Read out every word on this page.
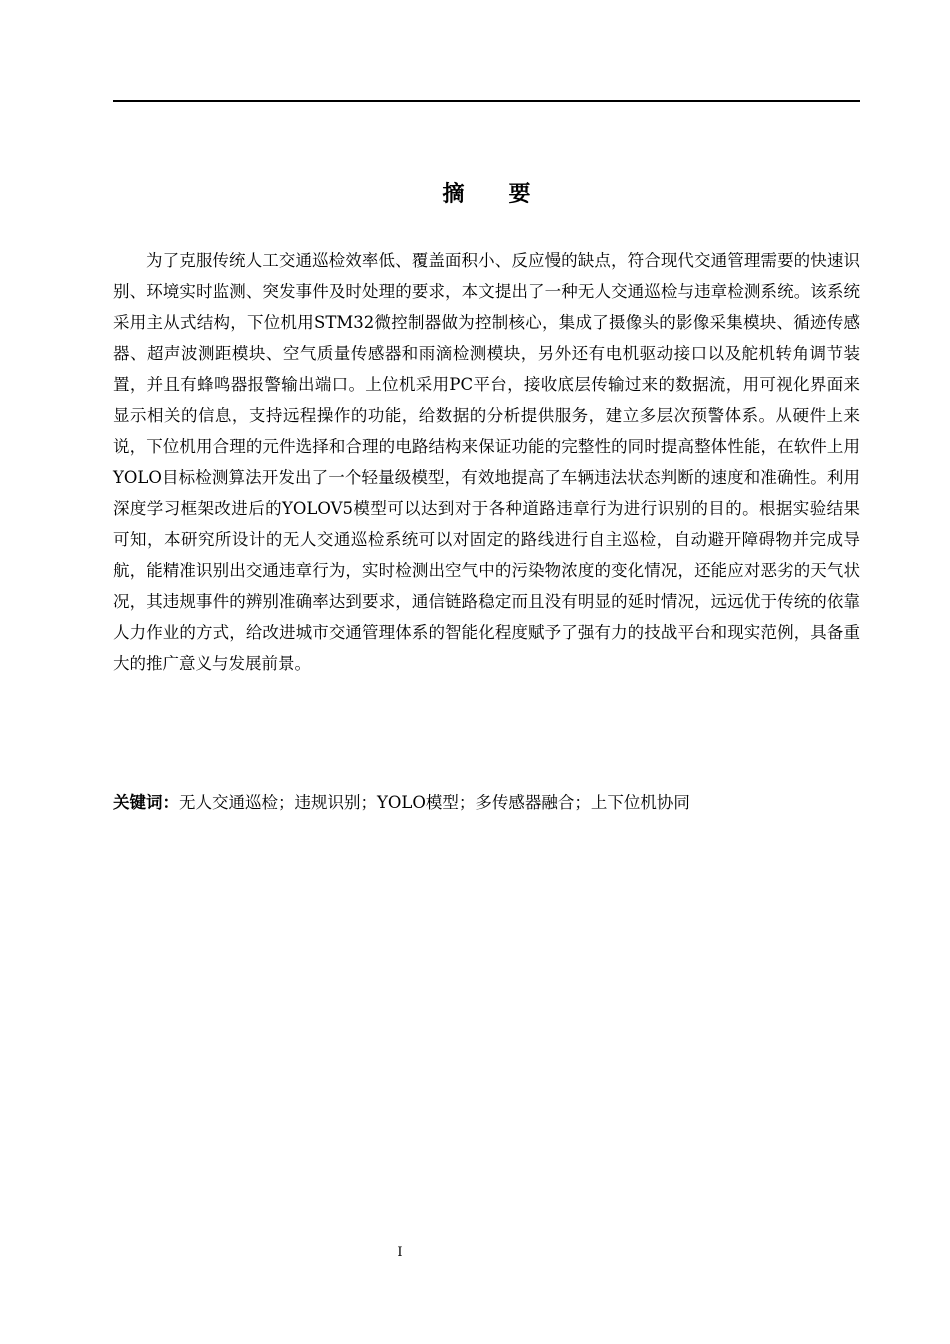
摘　　要

为了克服传统人工交通巡检效率低、覆盖面积小、反应慢的缺点，符合现代交通管理需要的快速识别、环境实时监测、突发事件及时处理的要求，本文提出了一种无人交通巡检与违章检测系统。该系统采用主从式结构，下位机用STM32微控制器做为控制核心，集成了摄像头的影像采集模块、循迹传感器、超声波测距模块、空气质量传感器和雨滴检测模块，另外还有电机驱动接口以及舵机转角调节装置，并且有蜂鸣器报警输出端口。上位机采用PC平台，接收底层传输过来的数据流，用可视化界面来显示相关的信息，支持远程操作的功能，给数据的分析提供服务，建立多层次预警体系。从硬件上来说，下位机用合理的元件选择和合理的电路结构来保证功能的完整性的同时提高整体性能，在软件上用YOLO目标检测算法开发出了一个轻量级模型，有效地提高了车辆违法状态判断的速度和准确性。利用深度学习框架改进后的YOLOV5模型可以达到对于各种道路违章行为进行识别的目的。根据实验结果可知，本研究所设计的无人交通巡检系统可以对固定的路线进行自主巡检，自动避开障碍物并完成导航，能精准识别出交通违章行为，实时检测出空气中的污染物浓度的变化情况，还能应对恶劣的天气状况，其违规事件的辨别准确率达到要求，通信链路稳定而且没有明显的延时情况，远远优于传统的依靠人力作业的方式，给改进城市交通管理体系的智能化程度赋予了强有力的技战平台和现实范例，具备重大的推广意义与发展前景。

关键词：无人交通巡检；违规识别；YOLO模型；多传感器融合；上下位机协同
I
